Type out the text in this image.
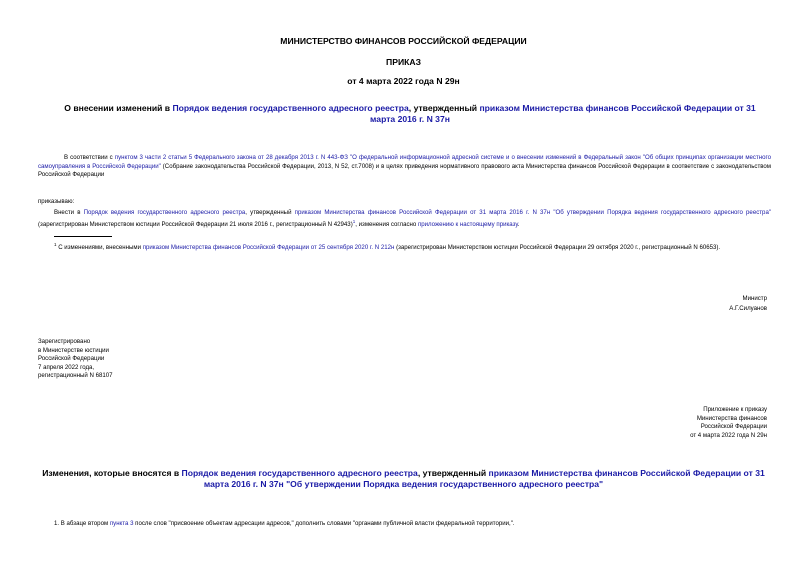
МИНИСТЕРСТВО ФИНАНСОВ РОССИЙСКОЙ ФЕДЕРАЦИИ
ПРИКАЗ
от 4 марта 2022 года N 29н
О внесении изменений в Порядок ведения государственного адресного реестра, утвержденный приказом Министерства финансов Российской Федерации от 31 марта 2016 г. N 37н
В соответствии с пунктом 3 части 2 статьи 5 Федерального закона от 28 декабря 2013 г. N 443-ФЗ "О федеральной информационной адресной системе и о внесении изменений в Федеральный закон "Об общих принципах организации местного самоуправления в Российской Федерации" (Собрание законодательства Российской Федерации, 2013, N 52, ст.7008) и в целях приведения нормативного правового акта Министерства финансов Российской Федерации в соответствие с законодательством Российской Федерации
приказываю:
Внести в Порядок ведения государственного адресного реестра, утвержденный приказом Министерства финансов Российской Федерации от 31 марта 2016 г. N 37н "Об утверждении Порядка ведения государственного адресного реестра" (зарегистрирован Министерством юстиции Российской Федерации 21 июля 2016 г., регистрационный N 42943)$^1$, изменения согласно приложению к настоящему приказу.
$^1$ С изменениями, внесенными приказом Министерства финансов Российской Федерации от 25 сентября 2020 г. N 212н (зарегистрирован Министерством юстиции Российской Федерации 29 октября 2020 г., регистрационный N 60653).
Министр
А.Г.Силуанов
Зарегистрировано
в Министерстве юстиции
Российской Федерации
7 апреля 2022 года,
регистрационный N 68107
Приложение к приказу
Министерства финансов
Российской Федерации
от 4 марта 2022 года N 29н
Изменения, которые вносятся в Порядок ведения государственного адресного реестра, утвержденный приказом Министерства финансов Российской Федерации от 31 марта 2016 г. N 37н "Об утверждении Порядка ведения государственного адресного реестра"
1. В абзаце втором пункта 3 после слов "присвоение объектам адресации адресов," дополнить словами "органами публичной власти федеральной территории,".
